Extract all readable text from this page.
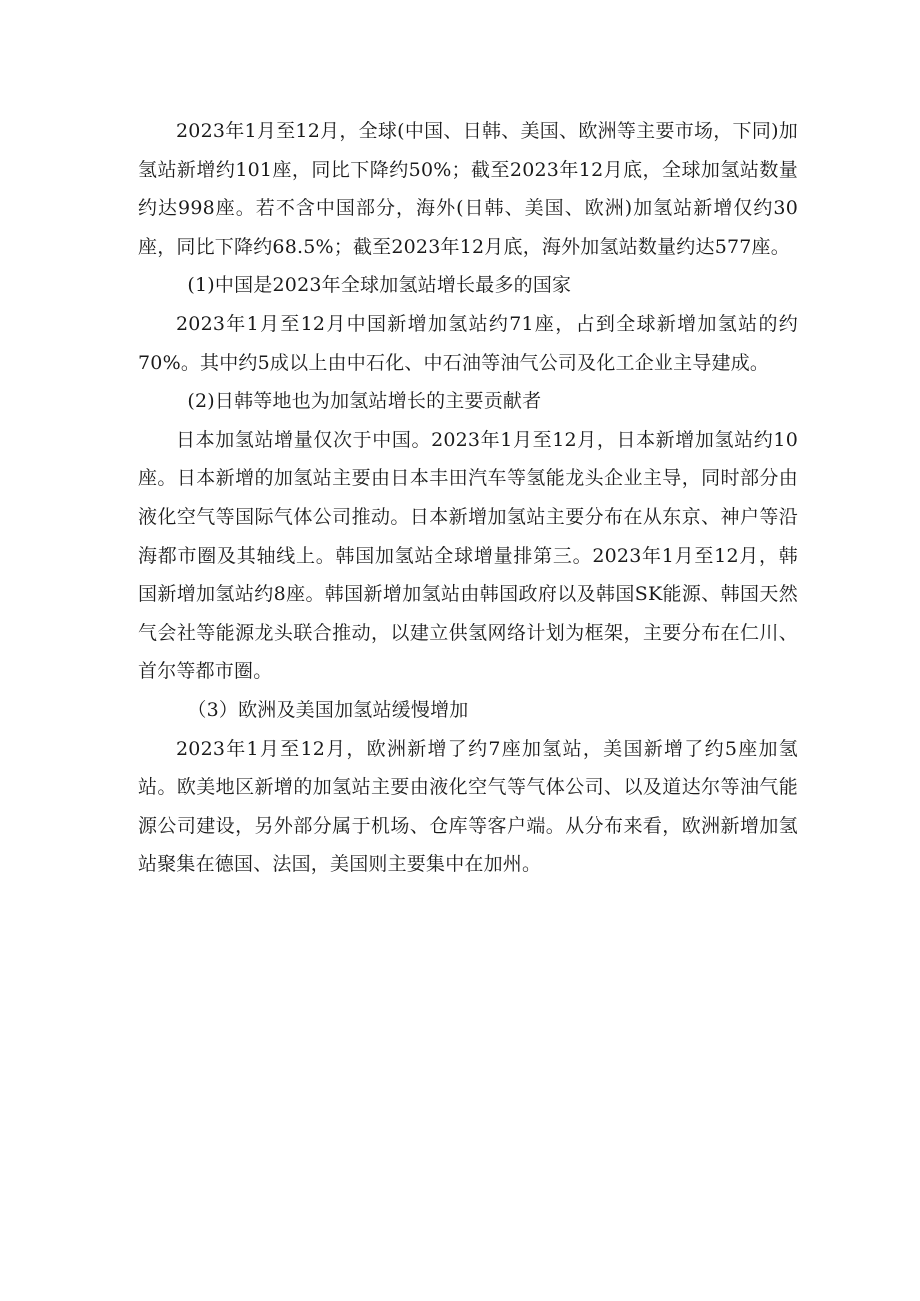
2023年1月至12月，全球(中国、日韩、美国、欧洲等主要市场，下同)加氢站新增约101座，同比下降约50%；截至2023年12月底，全球加氢站数量约达998座。若不含中国部分，海外(日韩、美国、欧洲)加氢站新增仅约30座，同比下降约68.5%；截至2023年12月底，海外加氢站数量约达577座。

(1)中国是2023年全球加氢站增长最多的国家

2023年1月至12月中国新增加氢站约71座，占到全球新增加氢站的约70%。其中约5成以上由中石化、中石油等油气公司及化工企业主导建成。

(2)日韩等地也为加氢站增长的主要贡献者

日本加氢站增量仅次于中国。2023年1月至12月，日本新增加氢站约10座。日本新增的加氢站主要由日本丰田汽车等氢能龙头企业主导，同时部分由液化空气等国际气体公司推动。日本新增加氢站主要分布在从东京、神户等沿海都市圈及其轴线上。韩国加氢站全球增量排第三。2023年1月至12月，韩国新增加氢站约8座。韩国新增加氢站由韩国政府以及韩国SK能源、韩国天然气会社等能源龙头联合推动，以建立供氢网络计划为框架，主要分布在仁川、首尔等都市圈。

（3）欧洲及美国加氢站缓慢增加

2023年1月至12月，欧洲新增了约7座加氢站，美国新增了约5座加氢站。欧美地区新增的加氢站主要由液化空气等气体公司、以及道达尔等油气能源公司建设，另外部分属于机场、仓库等客户端。从分布来看，欧洲新增加氢站聚集在德国、法国，美国则主要集中在加州。
